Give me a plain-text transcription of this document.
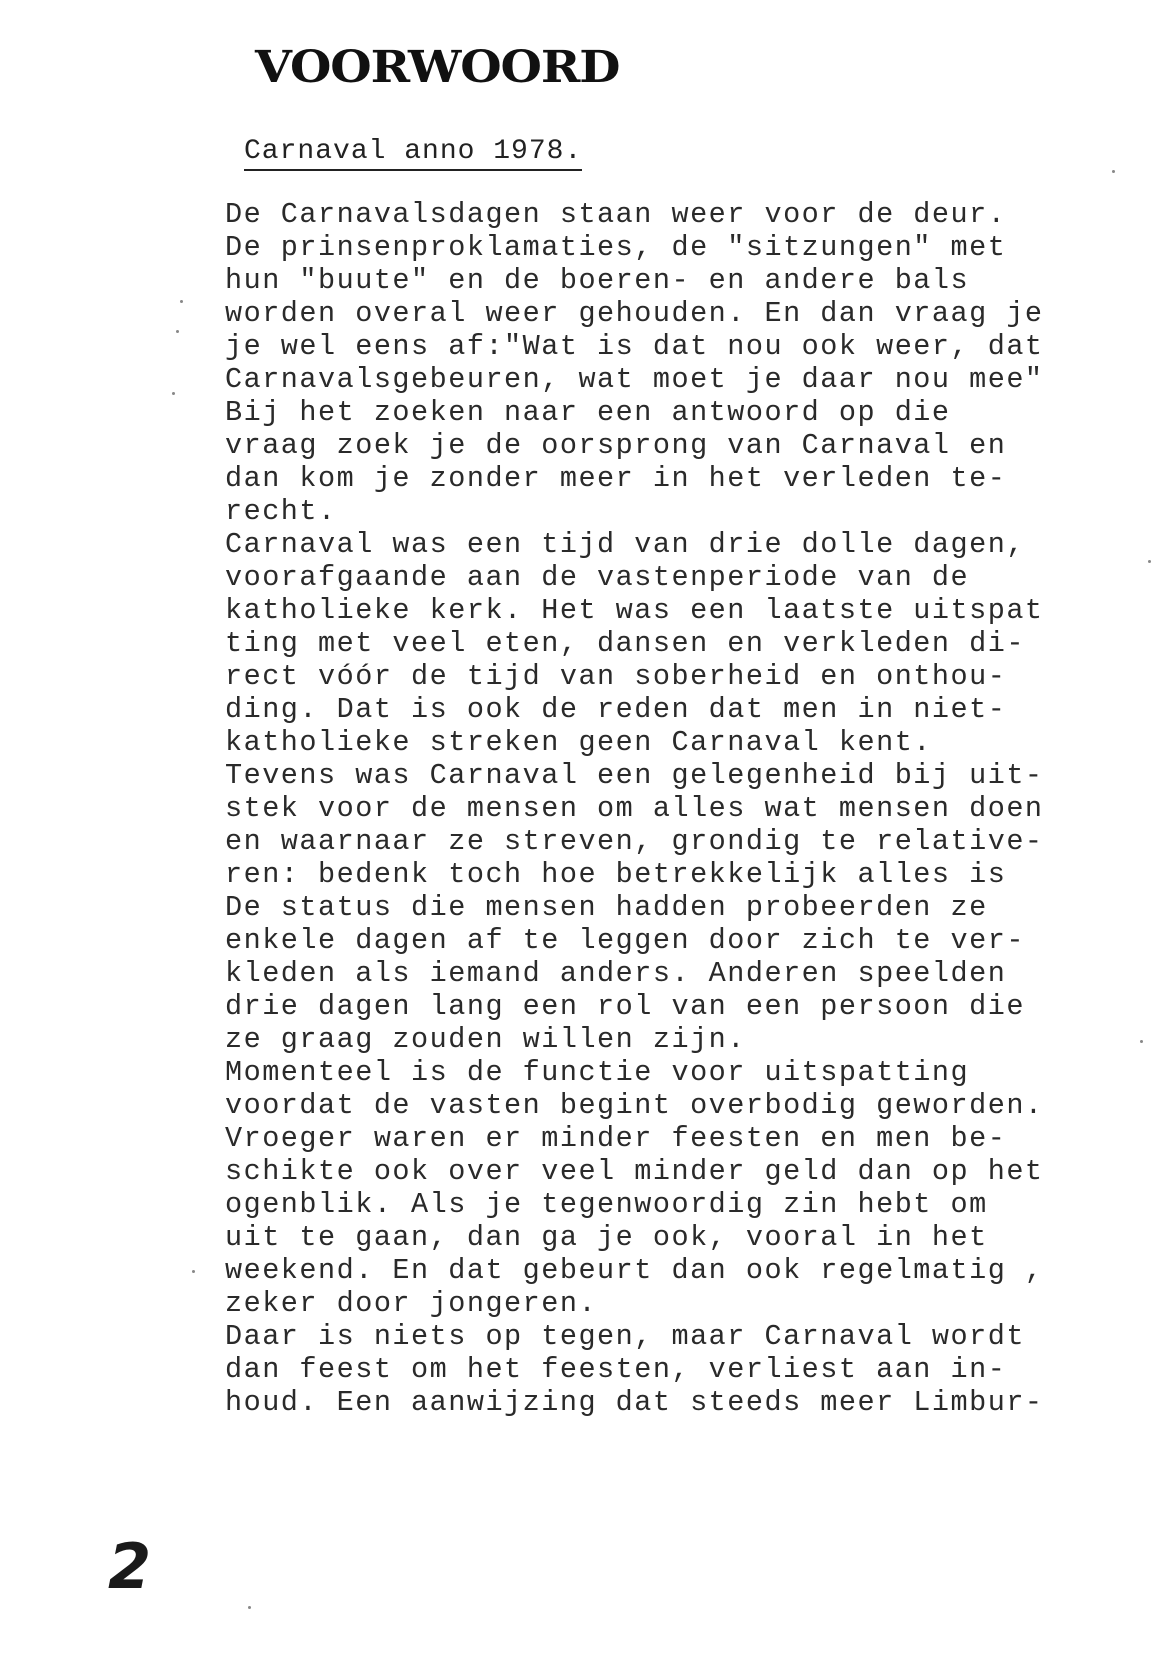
VOORWOORD
Carnaval anno 1978.
De Carnavalsdagen staan weer voor de deur.
De prinsenproklamaties, de "sitzungen" met
hun "buute" en de boeren- en andere bals
worden overal weer gehouden. En dan vraag je
je wel eens af:"Wat is dat nou ook weer, dat
Carnavalsgebeuren, wat moet je daar nou mee"
Bij het zoeken naar een antwoord op die
vraag zoek je de oorsprong van Carnaval en
dan kom je zonder meer in het verleden te-
recht.
Carnaval was een tijd van drie dolle dagen,
voorafgaande aan de vastenperiode van de
katholieke kerk. Het was een laatste uitspat
ting met veel eten, dansen en verkleden di-
rect vóór de tijd van soberheid en onthou-
ding. Dat is ook de reden dat men in niet-
katholieke streken geen Carnaval kent.
Tevens was Carnaval een gelegenheid bij uit-
stek voor de mensen om alles wat mensen doen
en waarnaar ze streven, grondig te relative-
ren: bedenk toch hoe betrekkelijk alles is
De status die mensen hadden probeerden ze
enkele dagen af te leggen door zich te ver-
kleden als iemand anders. Anderen speelden
drie dagen lang een rol van een persoon die
ze graag zouden willen zijn.
Momenteel is de functie voor uitspatting
voordat de vasten begint overbodig geworden.
Vroeger waren er minder feesten en men be-
schikte ook over veel minder geld dan op het
ogenblik. Als je tegenwoordig zin hebt om
uit te gaan, dan ga je ook, vooral in het
weekend. En dat gebeurt dan ook regelmatig ,
zeker door jongeren.
Daar is niets op tegen, maar Carnaval wordt
dan feest om het feesten, verliest aan in-
houd. Een aanwijzing dat steeds meer Limbur-
2
